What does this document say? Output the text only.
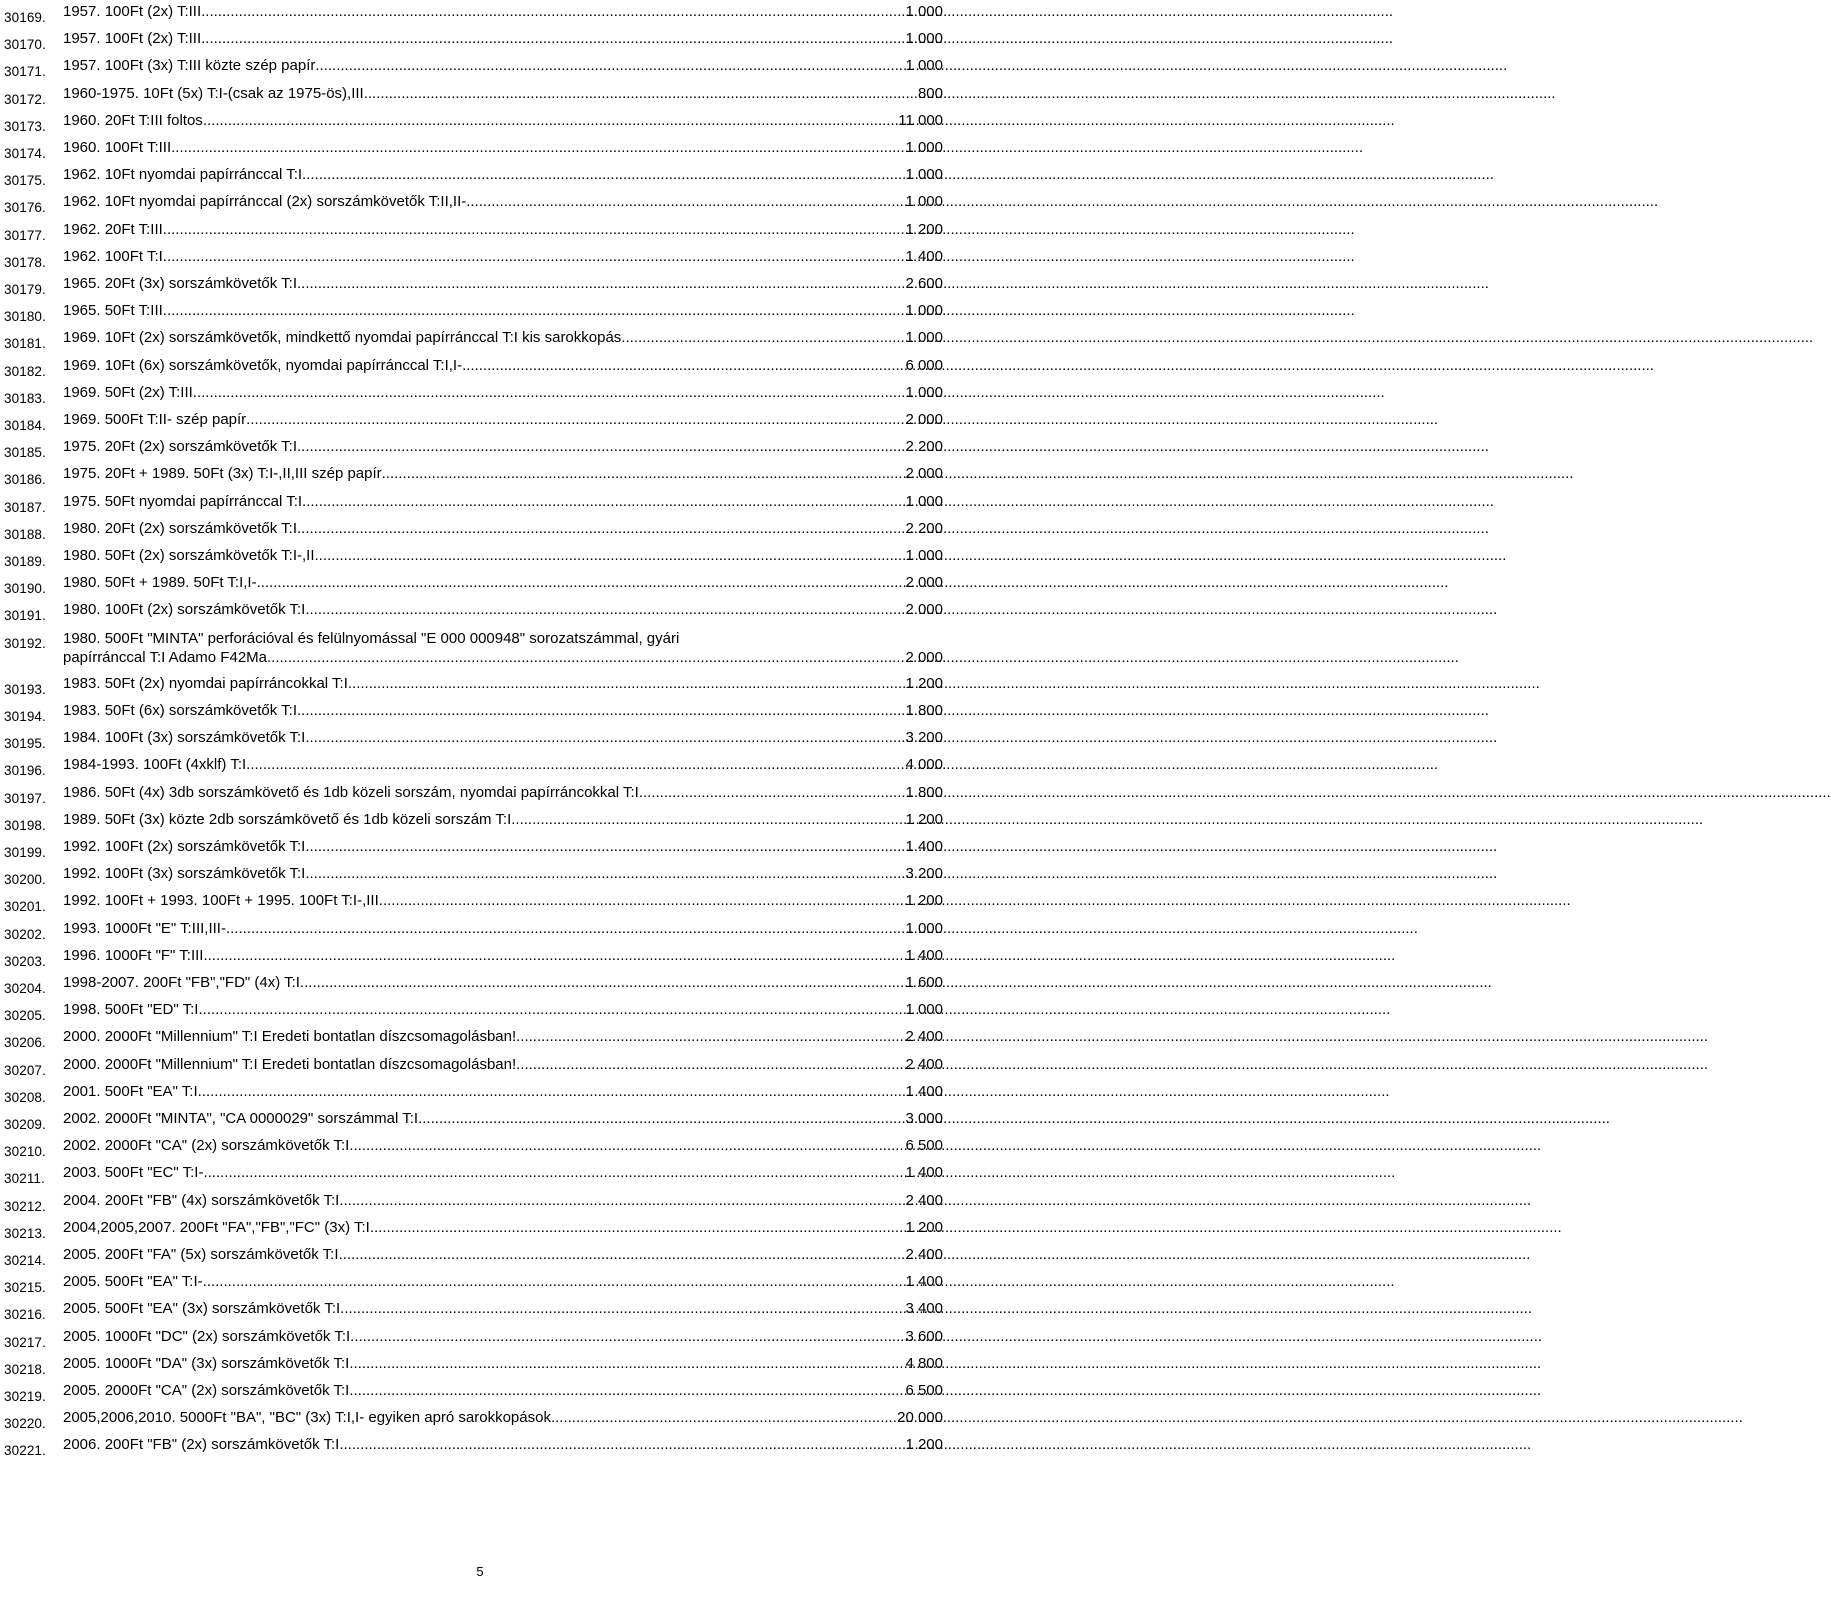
30169. 1957. 100Ft (2x) T:III .....	1 000
30170. 1957. 100Ft (2x) T:III .....	1 000
30171. 1957. 100Ft (3x) T:III közte szép papír .....	1 000
30172. 1960-1975. 10Ft (5x) T:I-(csak az 1975-ös),III .....	800
30173. 1960. 20Ft T:III foltos .....	11 000
30174. 1960. 100Ft T:III .....	1 000
30175. 1962. 10Ft nyomdai papírránccal T:I .....	1 000
30176. 1962. 10Ft nyomdai papírránccal (2x) sorszámkövetők T:II,II- .....	1 000
30177. 1962. 20Ft T:III .....	1 200
30178. 1962. 100Ft T:I .....	1 400
30179. 1965. 20Ft (3x) sorszámkövetők T:I .....	2 600
30180. 1965. 50Ft T:III .....	1 000
30181. 1969. 10Ft (2x) sorszámkövetők, mindkettő nyomdai papírránccal T:I kis sarokkopás .....	1 000
30182. 1969. 10Ft (6x) sorszámkövetők, nyomdai papírránccal T:I,I- .....	6 000
30183. 1969. 50Ft (2x) T:III .....	1 000
30184. 1969. 500Ft T:II- szép papír .....	2 000
30185. 1975. 20Ft (2x) sorszámkövetők T:I .....	2 200
30186. 1975. 20Ft + 1989. 50Ft (3x) T:I-,II,III szép papír .....	2 000
30187. 1975. 50Ft nyomdai papírránccal T:I .....	1 000
30188. 1980. 20Ft (2x) sorszámkövetők T:I .....	2 200
30189. 1980. 50Ft (2x) sorszámkövetők T:I-,II .....	1 000
30190. 1980. 50Ft + 1989. 50Ft T:I,I- .....	2 000
30191. 1980. 100Ft (2x) sorszámkövetők T:I .....	2 000
30192. 1980. 500Ft "MINTA" perforációval és felülnyomással "E 000 000948" sorozatszámmal, gyári
papírránccal T:I Adamo F42Ma .....	2 000
30193. 1983. 50Ft (2x) nyomdai papírráncokkal T:I .....	1 200
30194. 1983. 50Ft (6x) sorszámkövetők T:I .....	1 800
30195. 1984. 100Ft (3x) sorszámkövetők T:I .....	3 200
30196. 1984-1993. 100Ft (4xklf) T:I .....	4 000
30197. 1986. 50Ft (4x) 3db sorszámkövető és 1db közeli sorszám, nyomdai papírráncokkal T:I .....	1 800
30198. 1989. 50Ft (3x) közte 2db sorszámkövető és 1db közeli sorszám T:I .....	1 200
30199. 1992. 100Ft (2x) sorszámkövetők T:I .....	1 400
30200. 1992. 100Ft (3x) sorszámkövetők T:I .....	3 200
30201. 1992. 100Ft + 1993. 100Ft + 1995. 100Ft T:I-,III .....	1 200
30202. 1993. 1000Ft "E" T:III,III- .....	1 000
30203. 1996. 1000Ft "F" T:III .....	1 400
30204. 1998-2007. 200Ft "FB","FD" (4x) T:I .....	1 600
30205. 1998. 500Ft "ED" T:I .....	1 000
30206. 2000. 2000Ft "Millennium" T:I Eredeti bontatlan díszcsomagolásban! .....	2 400
30207. 2000. 2000Ft "Millennium" T:I Eredeti bontatlan díszcsomagolásban! .....	2 400
30208. 2001. 500Ft "EA" T:I .....	1 400
30209. 2002. 2000Ft "MINTA", "CA 0000029" sorszámmal T:I .....	3 000
30210. 2002. 2000Ft "CA" (2x) sorszámkövetők T:I .....	6 500
30211. 2003. 500Ft "EC" T:I- .....	1 400
30212. 2004. 200Ft "FB" (4x) sorszámkövetők T:I .....	2 400
30213. 2004,2005,2007. 200Ft "FA","FB","FC" (3x) T:I .....	1 200
30214. 2005. 200Ft "FA" (5x) sorszámkövetők T:I .....	2 400
30215. 2005. 500Ft "EA" T:I- .....	1 400
30216. 2005. 500Ft "EA" (3x) sorszámkövetők T:I .....	3 400
30217. 2005. 1000Ft "DC" (2x) sorszámkövetők T:I .....	3 600
30218. 2005. 1000Ft "DA" (3x) sorszámkövetők T:I .....	4 800
30219. 2005. 2000Ft "CA" (2x) sorszámkövetők T:I .....	6 500
30220. 2005,2006,2010. 5000Ft "BA", "BC" (3x) T:I,I- egyiken apró sarokkopások .....	20 000
30221. 2006. 200Ft "FB" (2x) sorszámkövetők T:I .....	1 200
5
